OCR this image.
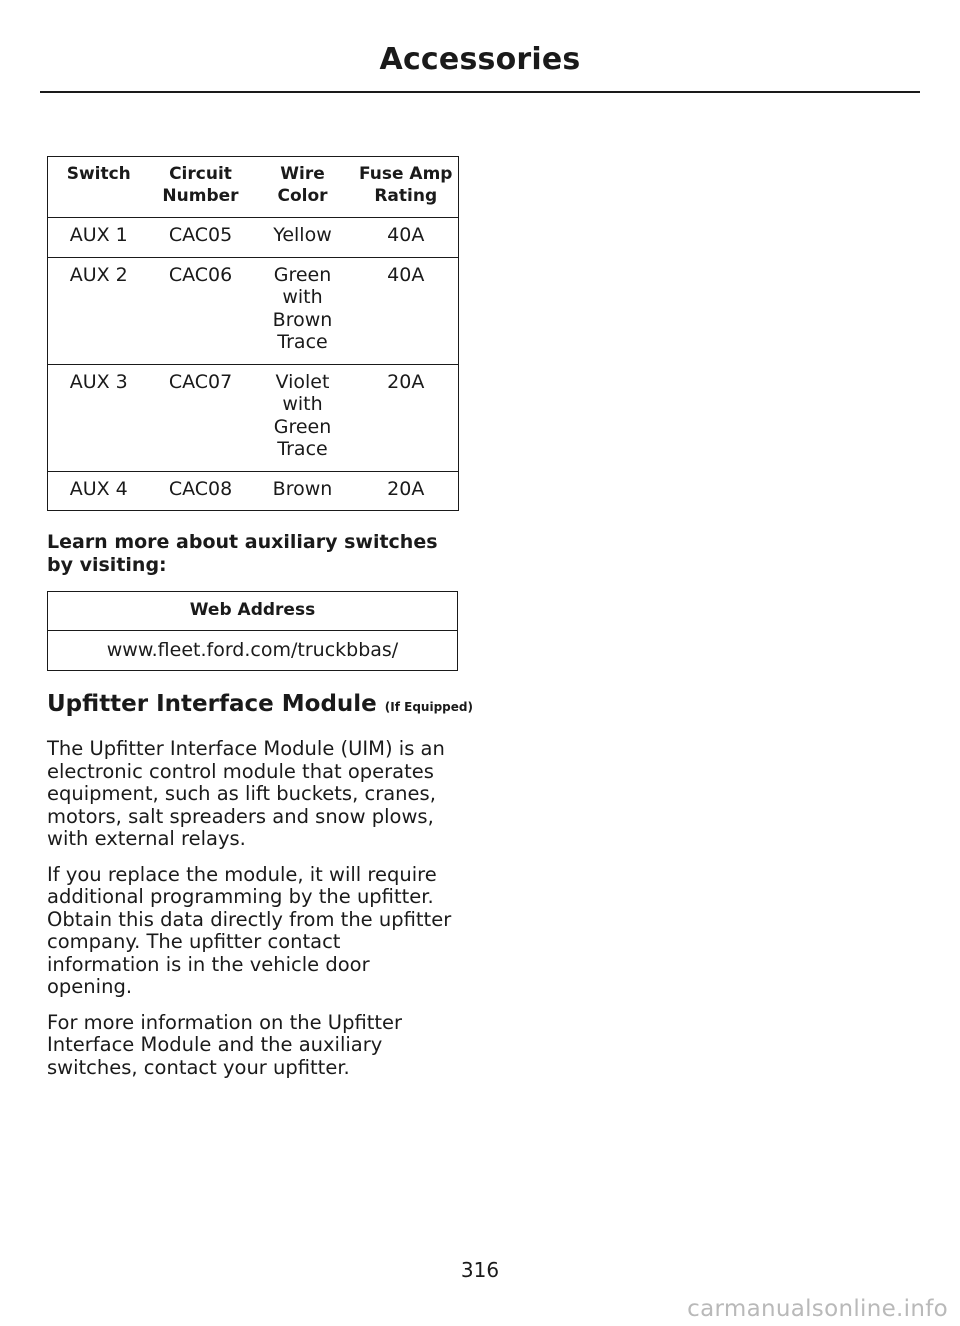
Accessories
Switch	Circuit Number	Wire Color	Fuse Amp Rating
AUX 1	CAC05	Yellow	40A
AUX 2	CAC06	Green with Brown Trace	40A
AUX 3	CAC07	Violet with Green Trace	20A
AUX 4	CAC08	Brown	20A
Learn more about auxiliary switches by visiting:
Web Address
www.fleet.ford.com/truckbbas/
Upfitter Interface Module (If Equipped)

The Upfitter Interface Module (UIM) is an electronic control module that operates equipment, such as lift buckets, cranes, motors, salt spreaders and snow plows, with external relays.

If you replace the module, it will require additional programming by the upfitter. Obtain this data directly from the upfitter company. The upfitter contact information is in the vehicle door opening.

For more information on the Upfitter Interface Module and the auxiliary switches, contact your upfitter.

316
carmanualsonline.info
